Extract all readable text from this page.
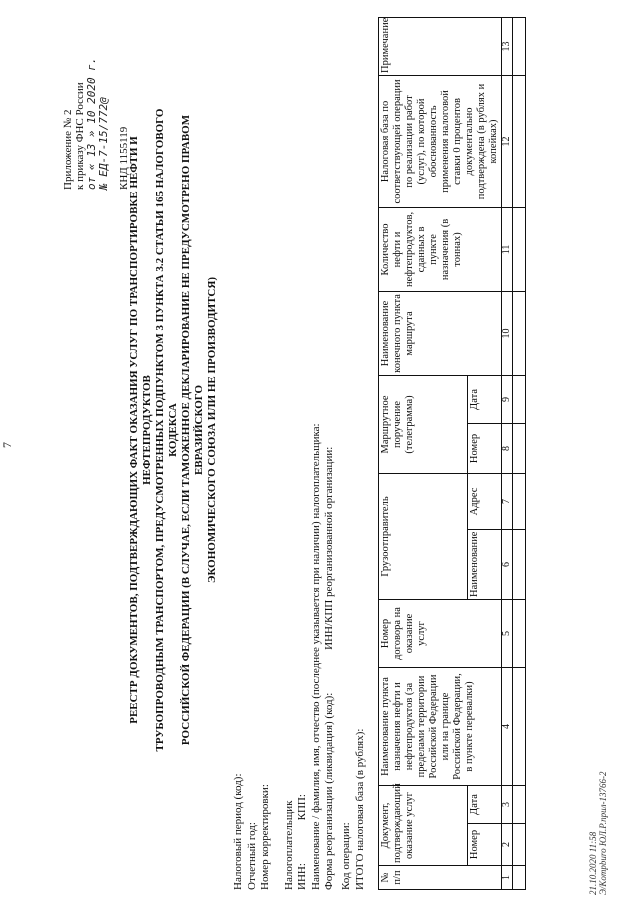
7
Приложение № 2 к приказу ФНС России от « 13 » 10 2020 г. № ЕД-7-15/772@ КНД 1155119
РЕЕСТР ДОКУМЕНТОВ, ПОДТВЕРЖДАЮЩИХ ФАКТ ОКАЗАНИЯ УСЛУГ ПО ТРАНСПОРТИРОВКЕ НЕФТИ И НЕФТЕПРОДУКТОВ ТРУБОПРОВОДНЫМ ТРАНСПОРТОМ, ПРЕДУСМОТРЕННЫХ ПОДПУНКТОМ 3 ПУНКТА 3.2 СТАТЬИ 165 НАЛОГОВОГО КОДЕКСА РОССИЙСКОЙ ФЕДЕРАЦИИ (В СЛУЧАЕ, ЕСЛИ ТАМОЖЕННОЕ ДЕКЛАРИРОВАНИЕ НЕ ПРЕДУСМОТРЕНО ПРАВОМ ЕВРАЗИЙСКОГО ЭКОНОМИЧЕСКОГО СОЮЗА ИЛИ НЕ ПРОИЗВОДИТСЯ)
Налоговый период (код): Отчетный год: Номер корректировки: Налогоплательщик ИНН: КПП: Наименование / фамилия, имя, отчество (последнее указывается при наличии) налогоплательщика: Форма реорганизации (ликвидация) (код): ИНН/КПП реорганизованной организации:
Код операции: ИТОГО налоговая база (в рублях): № п/п	Документ, подтверждающий оказание услуг		Наименование пункта назначения нефти и нефтепродуктов (за пределами территории Российской Федерации или на границе Российской Федерации, в пункте перевалки)	Номер договора на оказание услуг	Грузоотправитель		Маршрутное поручение (телеграмма)		Наименование конечного пункта маршрута	Количество нефти и нефтепродуктов, сданных в пункте назначения (в тоннах)	Налоговая база по соответствующей операции по реализации работ (услуг), по которой обоснованность применения налоговой ставки 0 процентов документально подтверждена (в рублях и копейках)	Примечание
	Номер	Дата			Наименование	Адрес	Номер	Дата				
1	2	3	4	5	6	7	8	9	10	11	12	13

21.10.2020 11:58 Э/Kompburo ЮЛ.Р.прил-13766-2
